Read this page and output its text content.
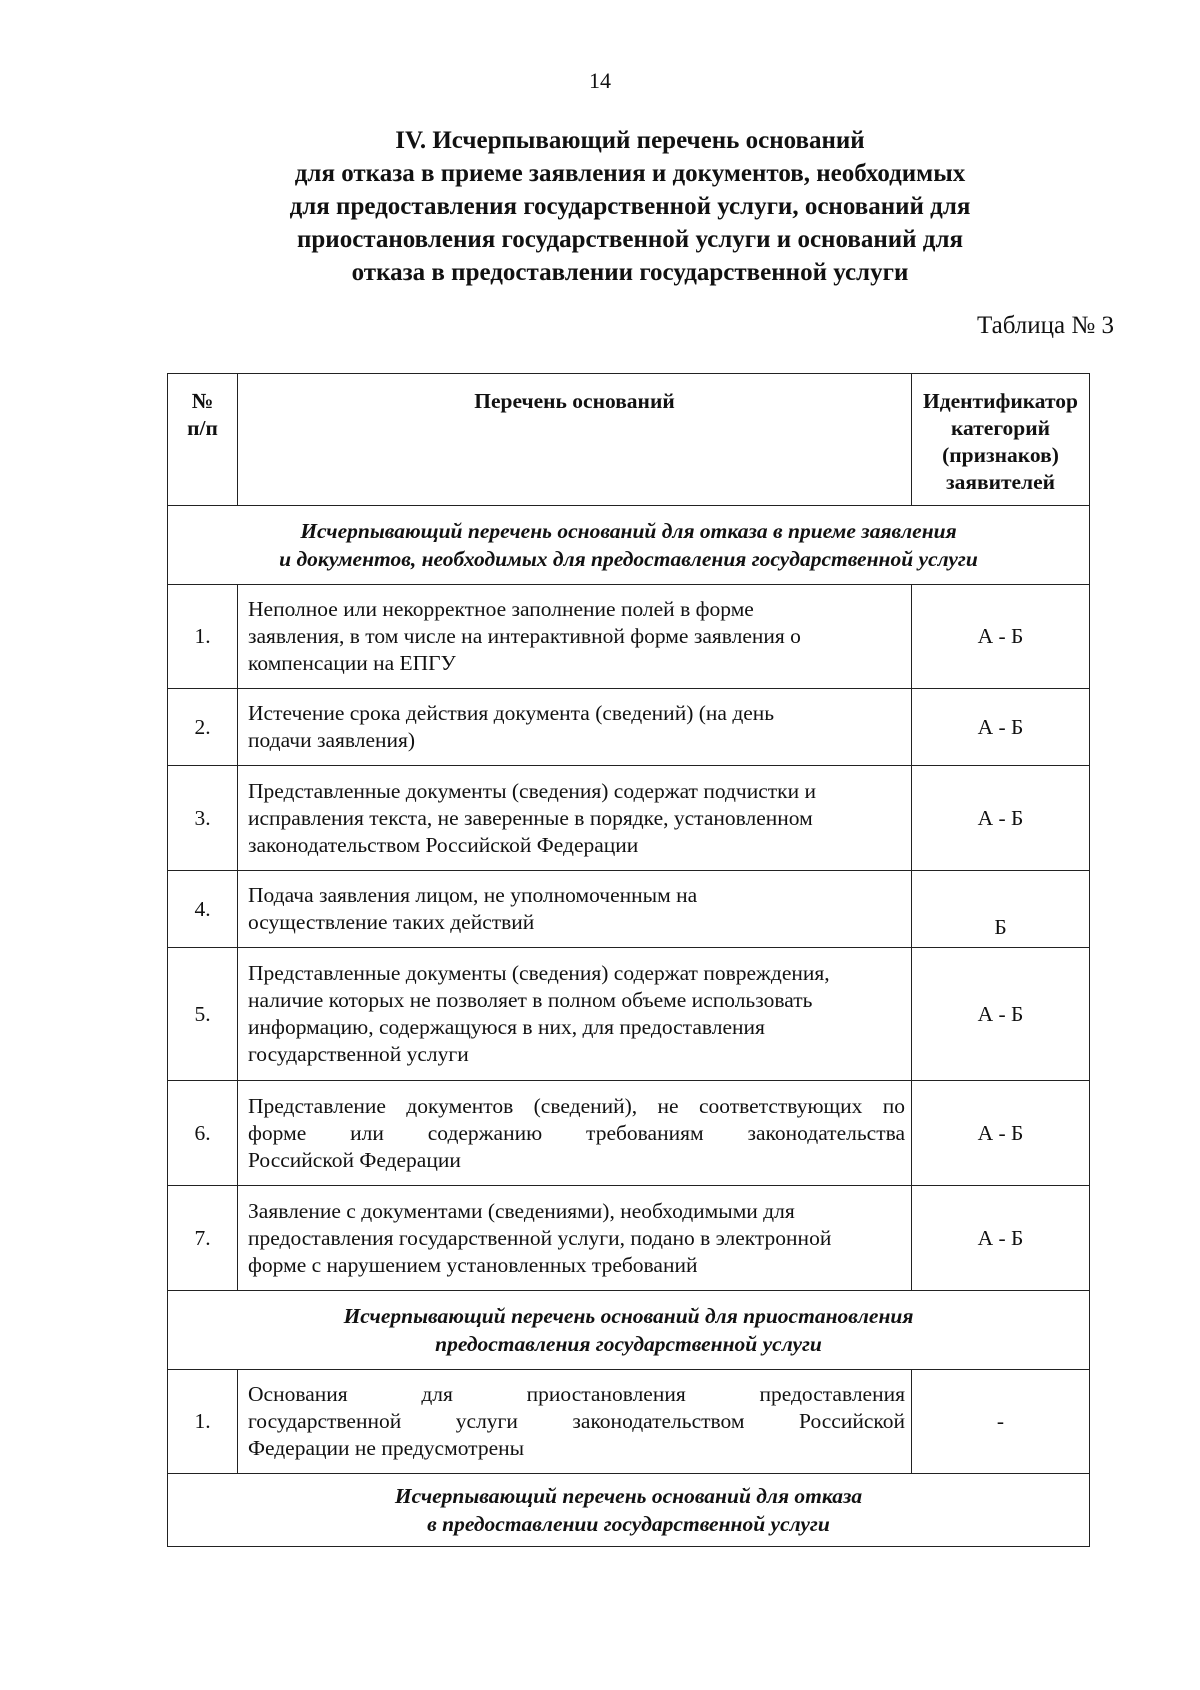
14
IV. Исчерпывающий перечень оснований
для отказа в приеме заявления и документов, необходимых
для предоставления государственной услуги, оснований для
приостановления государственной услуги и оснований для
отказа в предоставлении государственной услуги
Таблица № 3
№
п/п	Перечень оснований	Идентификатор
категорий
(признаков)
заявителей

Исчерпывающий перечень оснований для отказа в приеме заявления
и документов, необходимых для предоставления государственной услуги		

1.	Неполное или некорректное заполнение полей в форме
заявления, в том числе на интерактивной форме заявления о
компенсации на ЕПГУ	А - Б
2.	Истечение срока действия документа (сведений) (на день
подачи заявления)	А - Б
3.	Представленные документы (сведения) содержат подчистки и
исправления текста, не заверенные в порядке, установленном
законодательством Российской Федерации	А - Б
4.	Подача заявления лицом, не уполномоченным на
осуществление таких действий	Б
5.	Представленные документы (сведения) содержат повреждения,
наличие которых не позволяет в полном объеме использовать
информацию, содержащуюся в них, для предоставления
государственной услуги	А - Б
6.	Представление документов (сведений), не соответствующих по
форме или содержанию требованиям законодательства
Российской Федерации	А - Б
7.	Заявление с документами (сведениями), необходимыми для
предоставления государственной услуги, подано в электронной
форме с нарушением установленных требований	А - Б

Исчерпывающий перечень оснований для приостановления
предоставления государственной услуги		

1.	Основания для приостановления предоставления
государственной услуги законодательством Российской
Федерации не предусмотрены	-

Исчерпывающий перечень оснований для отказа
в предоставлении государственной услуги		
